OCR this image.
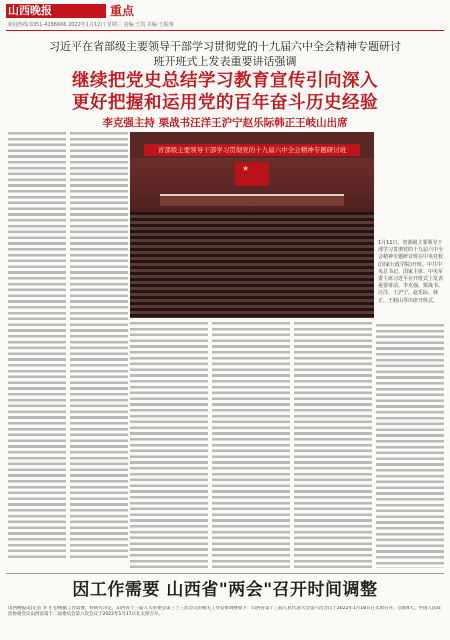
山西晚报 02 重点
新闻热线:0351-4286666 2022年1月12日 星期三 责编:王凯 美编:王振翔
习近平在省部级主要领导干部学习贯彻党的十九届六中全会精神专题研讨
班开班式上发表重要讲话强调
继续把党史总结学习教育宣传引向深入
更好把握和运用党的百年奋斗历史经验
李克强主持 栗战书汪洋王沪宁赵乐际韩正王岐山出席
省部级主要领导干部学习贯彻党的十九届六中全会精神专题研讨班
★
1月11日，省部级主要领导干部学习贯彻党的十九届六中全会精神专题研讨班在中央党校(国家行政学院)开班。中共中央总书记、国家主席、中央军委主席习近平在开班式上发表重要讲话。李克强、栗战书、汪洋、王沪宁、赵乐际、韩正、王岐山等出席开班式。
因工作需要 山西省"两会"召开时间调整
山西晚报讯(记者 李飞飞)根据工作需要，经研究决定，山西省十三届人大常委会第三十三次会议的相关工作安排调整如下：山西省第十三届人民代表大会第六次会议于2022年1月18日在太原召开，会期4天。中国人民政治协商会议山西省第十二届委员会第六次会议于2022年1月17日在太原召开。
